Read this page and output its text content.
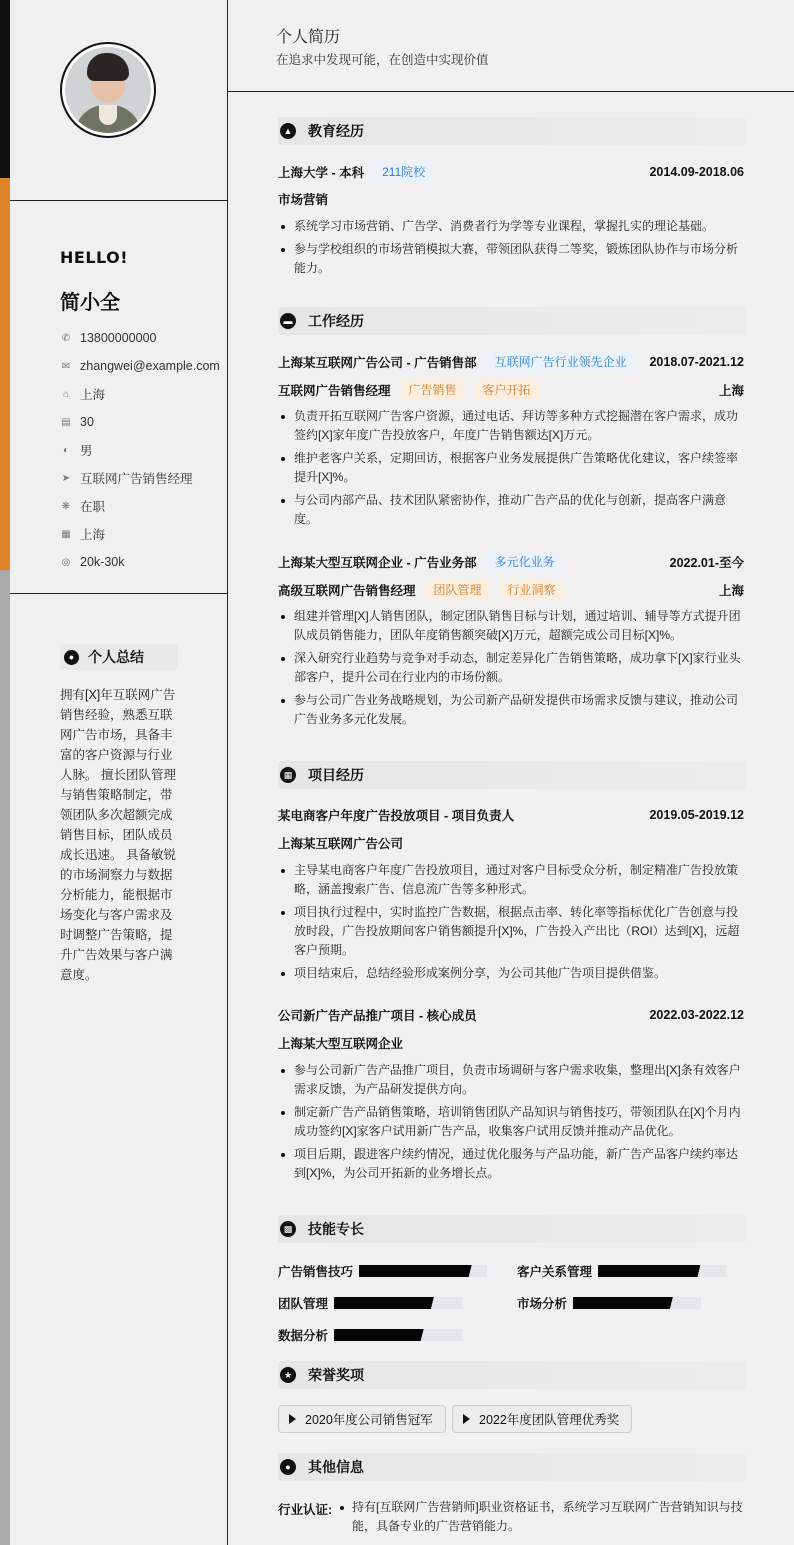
HELLO!
简小全
✆ 13800000000
✉ zhangwei@example.com
⌂ 上海
▤ 30
◐ 男
➤ 互联网广告销售经理
❋ 在职
▦ 上海
◎ 20k-30k
● 个人总结
拥有[X]年互联网广告销售经验，熟悉互联网广告市场，具备丰富的客户资源与行业人脉。 擅长团队管理与销售策略制定，带领团队多次超额完成销售目标，团队成员成长迅速。 具备敏锐的市场洞察力与数据分析能力，能根据市场变化与客户需求及时调整广告策略，提升广告效果与客户满意度。
个人简历
在追求中发现可能，在创造中实现价值
▲ 教育经历
上海大学 - 本科	211院校	2014.09-2018.06
市场营销
系统学习市场营销、广告学、消费者行为学等专业课程，掌握扎实的理论基础。
参与学校组织的市场营销模拟大赛，带领团队获得二等奖，锻炼团队协作与市场分析能力。
▬ 工作经历
上海某互联网广告公司 - 广告销售部	互联网广告行业领先企业	2018.07-2021.12
互联网广告销售经理	广告销售	客户开拓	上海
负责开拓互联网广告客户资源，通过电话、拜访等多种方式挖掘潜在客户需求，成功签约[X]家年度广告投放客户，年度广告销售额达[X]万元。
维护老客户关系，定期回访，根据客户业务发展提供广告策略优化建议，客户续签率提升[X]%。
与公司内部产品、技术团队紧密协作，推动广告产品的优化与创新，提高客户满意度。
上海某大型互联网企业 - 广告业务部	多元化业务	2022.01-至今
高级互联网广告销售经理	团队管理	行业洞察	上海
组建并管理[X]人销售团队，制定团队销售目标与计划，通过培训、辅导等方式提升团队成员销售能力，团队年度销售额突破[X]万元，超额完成公司目标[X]%。
深入研究行业趋势与竞争对手动态，制定差异化广告销售策略，成功拿下[X]家行业头部客户，提升公司在行业内的市场份额。
参与公司广告业务战略规划，为公司新产品研发提供市场需求反馈与建议，推动公司广告业务多元化发展。
▦ 项目经历
某电商客户年度广告投放项目 - 项目负责人	2019.05-2019.12
上海某互联网广告公司
主导某电商客户年度广告投放项目，通过对客户目标受众分析，制定精准广告投放策略，涵盖搜索广告、信息流广告等多种形式。
项目执行过程中，实时监控广告数据，根据点击率、转化率等指标优化广告创意与投放时段，广告投放期间客户销售额提升[X]%，广告投入产出比（ROI）达到[X]，远超客户预期。
项目结束后，总结经验形成案例分享，为公司其他广告项目提供借鉴。
公司新广告产品推广项目 - 核心成员	2022.03-2022.12
上海某大型互联网企业
参与公司新广告产品推广项目，负责市场调研与客户需求收集，整理出[X]条有效客户需求反馈，为产品研发提供方向。
制定新广告产品销售策略，培训销售团队产品知识与销售技巧，带领团队在[X]个月内成功签约[X]家客户试用新广告产品，收集客户试用反馈并推动产品优化。
项目后期，跟进客户续约情况，通过优化服务与产品功能，新广告产品客户续约率达到[X]%，为公司开拓新的业务增长点。
▩ 技能专长
广告销售技巧	客户关系管理
团队管理	市场分析
数据分析
★ 荣誉奖项
2020年度公司销售冠军	2022年度团队管理优秀奖
●	其他信息
行业认证:	持有[互联网广告营销师]职业资格证书，系统学习互联网广告营销知识与技能，具备专业的广告营销能力。
